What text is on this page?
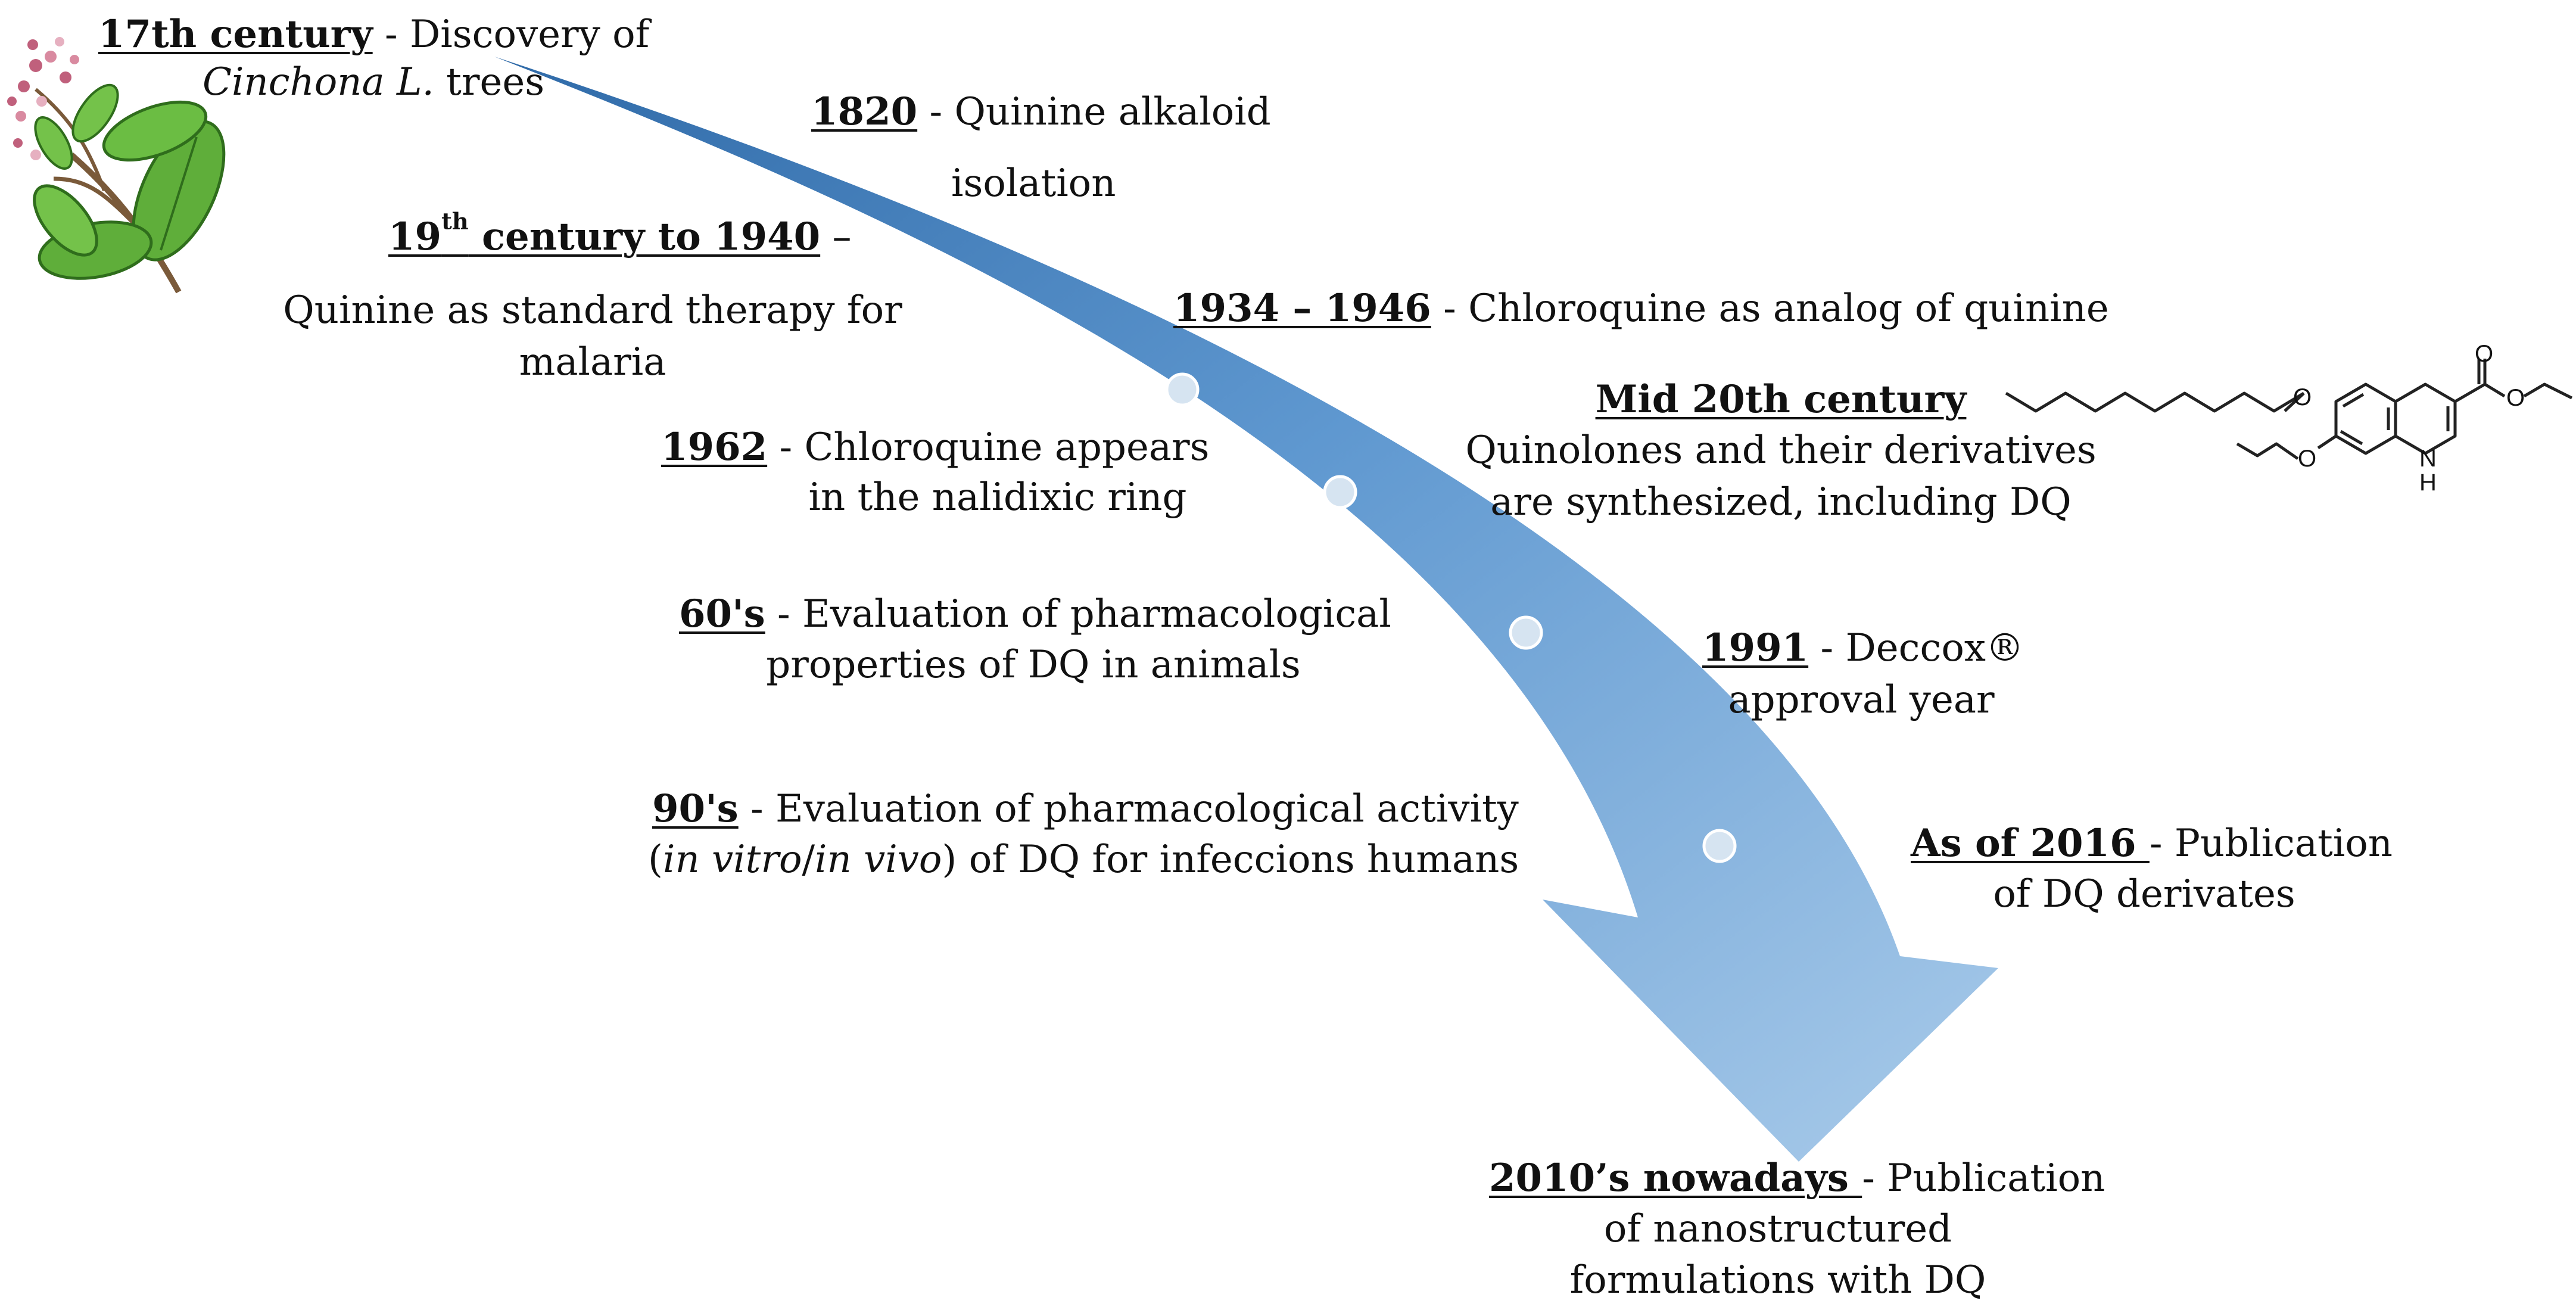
O
O
O
O	N
H
17th century - Discovery of
Cinchona L. trees
1820 - Quinine alkaloid
isolation
19th century to 1940 –
Quinine as standard therapy for
malaria
1934 – 1946 - Chloroquine as analog of quinine
Mid 20th century
Quinolones and their derivatives
are synthesized, including DQ
1962 - Chloroquine appears
in the nalidixic ring
60's - Evaluation of pharmacological
properties of DQ in animals	1991 - Deccox®
approval year
90's - Evaluation of pharmacological activity
(in vitro/in vivo) of DQ for infeccions humans	As of 2016 - Publication
of DQ derivates
2010’s nowadays - Publication
of nanostructured
formulations with DQ
